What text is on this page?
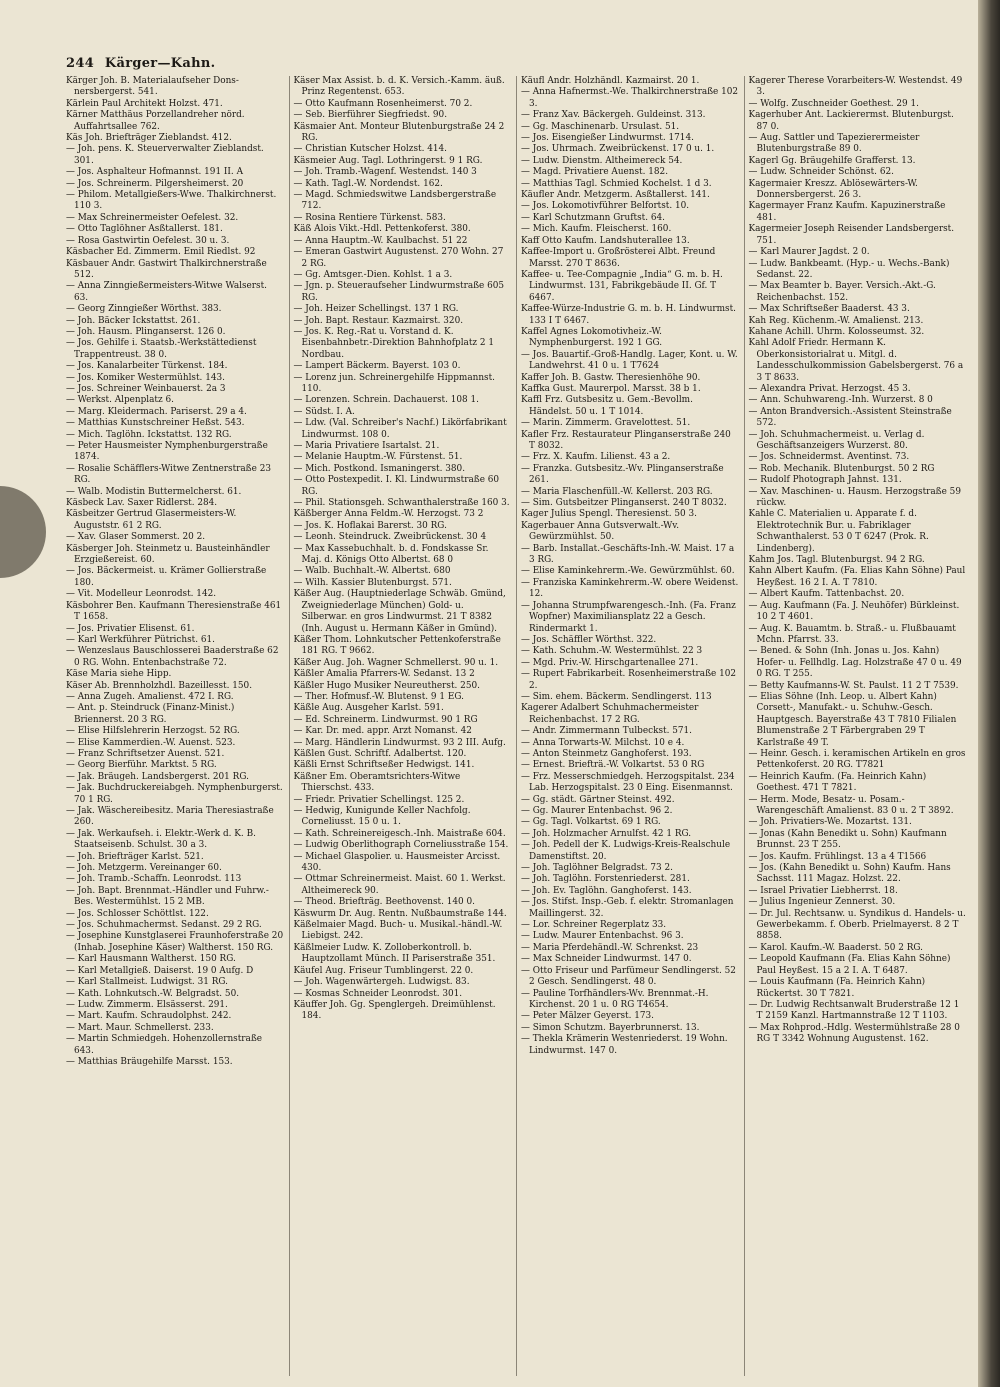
244 Kärger—Kahn.

Kärger Joh. B. Materialaufseher Dons-nersbergerst. 541.

Kärlein Paul Architekt Holzst. 471.

Kärner Matthäus Porzellandreher nörd. Auffahrtsallee 762.

Käs Joh. Briefträger Zieblandst. 412.

— Joh. pens. K. Steuerverwalter Zieblandst. 301.

— Jos. Asphalteur Hofmannst. 191 II. A

— Jos. Schreinerm. Pilgersheimerst. 20

— Philom. Metallgießers-Wwe. Thalkirchnerst. 110 3.

— Max Schreinermeister Oefelest. 32.

— Otto Taglöhner Asßtallerst. 181.

— Rosa Gastwirtin Oefelest. 30 u. 3.

Käsbacher Ed. Zimmerm. Emil Riedlst. 92

Käsbauer Andr. Gastwirt Thalkirchnerstraße 512.

— Anna Zinngießermeisters-Witwe Walserst. 63.

— Georg Zinngießer Wörthst. 383.

— Joh. Bäcker Ickstattst. 261.

— Joh. Hausm. Plinganserst. 126 0.

— Jos. Gehilfe i. Staatsb.-Werkstättedienst Trappentreust. 38 0.

— Jos. Kanalarbeiter Türkenst. 184.

— Jos. Komiker Westermühlst. 143.

— Jos. Schreiner Weinbauerst. 2a 3

— Werkst. Alpenplatz 6.

— Marg. Kleidermach. Pariserst. 29 a 4.

— Matthias Kunstschreiner Heßst. 543.

— Mich. Taglöhn. Ickstattst. 132 RG.

— Peter Hausmeister Nymphenburgerstraße 1874.

— Rosalie Schäfflers-Witwe Zentnerstraße 23 RG.

— Walb. Modistin Buttermelcherst. 61.

Käsbeck Lav. Saxer Ridlerst. 284.

Käsbeitzer Gertrud Glasermeisters-W. Auguststr. 61 2 RG.

— Xav. Glaser Sommerst. 20 2.

Käsberger Joh. Steinmetz u. Bausteinhändler Erzgießereist. 60.

— Jos. Bäckermeist. u. Krämer Gollierstraße 180.

— Vit. Modelleur Leonrodst. 142.

Käsbohrer Ben. Kaufmann Theresienstraße 461 T 1658.

— Jos. Privatier Elisenst. 61.

— Karl Werkführer Pütrichst. 61.

— Wenzeslaus Bauschlosserei Baaderstraße 62 0 RG. Wohn. Entenbachstraße 72.

Käse Maria siehe Hipp.

Käser Ab. Brennholzhdl. Bazeillesst. 150.

— Anna Zugeh. Amalienst. 472 I. RG.

— Ant. p. Steindruck (Finanz-Minist.) Briennerst. 20 3 RG.

— Elise Hilfslehrerin Herzogst. 52 RG.

— Elise Kammerdien.-W. Auenst. 523.

— Franz Schriftsetzer Auenst. 521.

— Georg Bierführ. Marktst. 5 RG.

— Jak. Bräugeh. Landsbergerst. 201 RG.

— Jak. Buchdruckereiabgeh. Nymphenburgerst. 70 1 RG.

— Jak. Wäschereibesitz. Maria Theresiastraße 260.

— Jak. Werkaufseh. i. Elektr.-Werk d. K. B. Staatseisenb. Schulst. 30 a 3.

— Joh. Briefträger Karlst. 521.

— Joh. Metzgerm. Vereinanger 60.

— Joh. Tramb.-Schaffn. Leonrodst. 113

— Joh. Bapt. Brennmat.-Händler und Fuhrw.-Bes. Westermühlst. 15 2 MB.

— Jos. Schlosser Schöttlst. 122.

— Jos. Schuhmachermst. Sedanst. 29 2 RG.

— Josephine Kunstglaserei Fraunhoferstraße 20 (Inhab. Josephine Käser) Waltherst. 150 RG.

— Karl Hausmann Waltherst. 150 RG.

— Karl Metallgieß. Daiserst. 19 0 Aufg. D

— Karl Stallmeist. Ludwigst. 31 RG.

— Kath. Lohnkutsch.-W. Belgradst. 50.

— Ludw. Zimmerm. Elsässerst. 291.

— Mart. Kaufm. Schraudolphst. 242.

— Mart. Maur. Schmellerst. 233.

— Martin Schmiedgeh. Hohenzollernstraße 643.

— Matthias Bräugehilfe Marsst. 153.

Käser Max Assist. b. d. K. Versich.-Kamm. äuß. Prinz Regentenst. 653.

— Otto Kaufmann Rosenheimerst. 70 2.

— Seb. Bierführer Siegfriedst. 90.

Käsmaier Ant. Monteur Blutenburgstraße 24 2 RG.

— Christian Kutscher Holzst. 414.

Käsmeier Aug. Tagl. Lothringerst. 9 1 RG.

— Joh. Tramb.-Wagenf. Westendst. 140 3

— Kath. Tagl.-W. Nordendst. 162.

— Magd. Schmiedswitwe Landsbergerstraße 712.

— Rosina Rentiere Türkenst. 583.

Käß Alois Vikt.-Hdl. Pettenkoferst. 380.

— Anna Hauptm.-W. Kaulbachst. 51 22

— Emeran Gastwirt Augustenst. 270 Wohn. 27 2 RG.

— Gg. Amtsger.-Dien. Kohlst. 1 a 3.

— Jgn. p. Steueraufseher Lindwurmstraße 605 RG.

— Joh. Heizer Schellingst. 137 1 RG.

— Joh. Bapt. Restaur. Kazmairst. 320.

— Jos. K. Reg.-Rat u. Vorstand d. K. Eisenbahnbetr.-Direktion Bahnhofplatz 2 1 Nordbau.

— Lampert Bäckerm. Bayerst. 103 0.

— Lorenz jun. Schreinergehilfe Hippmannst. 110.

— Lorenzen. Schrein. Dachauerst. 108 1.

— Südst. I. A.

— Ldw. (Val. Schreiber's Nachf.) Likörfabrikant Lindwurmst. 108 0.

— Maria Privatiere Isartalst. 21.

— Melanie Hauptm.-W. Fürstenst. 51.

— Mich. Postkond. Ismaningerst. 380.

— Otto Postexpedit. I. Kl. Lindwurmstraße 60 RG.

— Phil. Stationsgeh. Schwanthalerstraße 160 3.

Käßberger Anna Feldm.-W. Herzogst. 73 2

— Jos. K. Hoflakai Barerst. 30 RG.

— Leonh. Steindruck. Zweibrückenst. 30 4

— Max Kassebuchhalt. b. d. Fondskasse Sr. Maj. d. Königs Otto Albertst. 68 0

— Walb. Buchhalt.-W. Albertst. 680

— Wilh. Kassier Blutenburgst. 571.

Käßer Aug. (Hauptniederlage Schwäb. Gmünd, Zweigniederlage München) Gold- u. Silberwar. en gros Lindwurmst. 21 T 8382 (Inh. August u. Hermann Käßer in Gmünd).

Käßer Thom. Lohnkutscher Pettenkoferstraße 181 RG. T 9662.

Käßer Aug. Joh. Wagner Schmellerst. 90 u. 1.

Käßler Amalia Pfarrers-W. Sedanst. 13 2

Käßler Hugo Musiker Neureutherst. 250.

— Ther. Hofmusf.-W. Blutenst. 9 1 EG.

Käßle Aug. Ausgeher Karlst. 591.

— Ed. Schreinerm. Lindwurmst. 90 1 RG

— Kar. Dr. med. appr. Arzt Nomanst. 42

— Marg. Händlerin Lindwurmst. 93 2 III. Aufg.

Käßlen Gust. Schriftf. Adalbertst. 120.

Käßli Ernst Schriftseßer Hedwigst. 141.

Käßner Em. Oberamtsrichters-Witwe Thierschst. 433.

— Friedr. Privatier Schellingst. 125 2.

— Hedwig, Kunigunde Keller Nachfolg. Corneliusst. 15 0 u. 1.

— Kath. Schreinereigesch.-Inh. Maistraße 604.

— Ludwig Oberlithograph Corneliusstraße 154.

— Michael Glaspolier. u. Hausmeister Arcisst. 430.

— Ottmar Schreinermeist. Maist. 60 1. Werkst. Altheimereck 90.

— Theod. Briefträg. Beethovenst. 140 0.

Käswurm Dr. Aug. Rentn. Nußbaumstraße 144.

Käßelmaier Magd. Buch- u. Musikal.-händl.-W. Liebigst. 242.

Käßlmeier Ludw. K. Zolloberkontroll. b. Hauptzollamt Münch. II Pariserstraße 351.

Käufel Aug. Friseur Tumblingerst. 22 0.

— Joh. Wagenwärtergeh. Ludwigst. 83.

— Kosmas Schneider Leonrodst. 301.

Käuffer Joh. Gg. Spenglergeh. Dreimühlenst. 184.

Käufl Andr. Holzhändl. Kazmairst. 20 1.

— Anna Hafnermst.-We. Thalkirchnerstraße 102 3.

— Franz Xav. Bäckergeh. Guldeinst. 313.

— Gg. Maschinenarb. Ursulast. 51.

— Jos. Eisengießer Lindwurmst. 1714.

— Jos. Uhrmach. Zweibrückenst. 17 0 u. 1.

— Ludw. Dienstm. Altheimereck 54.

— Magd. Privatiere Auenst. 182.

— Matthias Tagl. Schmied Kochelst. 1 d 3.

Käufler Andr. Metzgerm. Asßtallerst. 141.

— Jos. Lokomotivführer Belfortst. 10.

— Karl Schutzmann Gruftst. 64.

— Mich. Kaufm. Fleischerst. 160.

Kaff Otto Kaufm. Landshuterallee 13.

Kaffee-Import u. Großrösterei Albt. Freund Marsst. 270 T 8636.

Kaffee- u. Tee-Compagnie „India“ G. m. b. H. Lindwurmst. 131, Fabrikgebäude II. Gf. T 6467.

Kaffee-Würze-Industrie G. m. b. H. Lindwurmst. 133 I T 6467.

Kaffel Agnes Lokomotivheiz.-W. Nymphenburgerst. 192 1 GG.

— Jos. Bauartif.-Groß-Handlg. Lager, Kont. u. W. Landwehrst. 41 0 u. 1 T7624

Kaffer Joh. B. Gastw. Theresienhöhe 90.

Kaffka Gust. Maurerpol. Marsst. 38 b 1.

Kaffl Frz. Gutsbesitz u. Gem.-Bevollm. Händelst. 50 u. 1 T 1014.

— Marin. Zimmerm. Gravelottest. 51.

Kafler Frz. Restaurateur Plinganserstraße 240 T 8032.

— Frz. X. Kaufm. Lilienst. 43 a 2.

— Franzka. Gutsbesitz.-Wv. Plinganserstraße 261.

— Maria Flaschenfüll.-W. Kellerst. 203 RG.

— Sim. Gutsbeitzer Plinganserst. 240 T 8032.

Kager Julius Spengl. Theresienst. 50 3.

Kagerbauer Anna Gutsverwalt.-Wv. Gewürzmühlst. 50.

— Barb. Installat.-Geschäfts-Inh.-W. Maist. 17 a 3 RG.

— Elise Kaminkehrerm.-We. Gewürzmühlst. 60.

— Franziska Kaminkehrerm.-W. obere Weidenst. 12.

— Johanna Strumpfwarengesch.-Inh. (Fa. Franz Wopfner) Maximiliansplatz 22 a Gesch. Rindermarkt 1.

— Jos. Schäffler Wörthst. 322.

— Kath. Schuhm.-W. Westermühlst. 22 3

— Mgd. Priv.-W. Hirschgartenallee 271.

— Rupert Fabrikarbeit. Rosenheimerstraße 102 2.

— Sim. ehem. Bäckerm. Sendlingerst. 113

Kagerer Adalbert Schuhmachermeister Reichenbachst. 17 2 RG.

— Andr. Zimmermann Tulbeckst. 571.

— Anna Torwarts-W. Milchst. 10 e 4.

— Anton Steinmetz Ganghoferst. 193.

— Ernest. Briefträ.-W. Volkartst. 53 0 RG

— Frz. Messerschmiedgeh. Herzogspitalst. 234 Lab. Herzogspitalst. 23 0 Eing. Eisenmannst.

— Gg. städt. Gärtner Steinst. 492.

— Gg. Maurer Entenbachst. 96 2.

— Gg. Tagl. Volkartst. 69 1 RG.

— Joh. Holzmacher Arnulfst. 42 1 RG.

— Joh. Pedell der K. Ludwigs-Kreis-Realschule Damenstiftst. 20.

— Joh. Taglöhner Belgradst. 73 2.

— Joh. Taglöhn. Forstenriederst. 281.

— Joh. Ev. Taglöhn. Ganghoferst. 143.

— Jos. Stifst. Insp.-Geb. f. elektr. Stromanlagen Maillingerst. 32.

— Lor. Schreiner Regerplatz 33.

— Ludw. Maurer Entenbachst. 96 3.

— Maria Pferdehändl.-W. Schrenkst. 23

— Max Schneider Lindwurmst. 147 0.

— Otto Friseur und Parfümeur Sendlingerst. 52 2 Gesch. Sendlingerst. 48 0.

— Pauline Torfhändlers-Wv. Brennmat.-H. Kirchenst. 20 1 u. 0 RG T4654.

— Peter Mälzer Geyerst. 173.

— Simon Schutzm. Bayerbrunnerst. 13.

— Thekla Krämerin Westenriederst. 19 Wohn. Lindwurmst. 147 0.

Kagerer Therese Vorarbeiters-W. Westendst. 49 3.

— Wolfg. Zuschneider Goethest. 29 1.

Kagerhuber Ant. Lackierermst. Blutenburgst. 87 0.

— Aug. Sattler und Tapezierermeister Blutenburgstraße 89 0.

Kagerl Gg. Bräugehilfe Grafferst. 13.

— Ludw. Schneider Schönst. 62.

Kagermaier Kreszz. Ablösewärters-W. Donnersbergerst. 26 3.

Kagermayer Franz Kaufm. Kapuzinerstraße 481.

Kagermeier Joseph Reisender Landsbergerst. 751.

— Karl Maurer Jagdst. 2 0.

— Ludw. Bankbeamt. (Hyp.- u. Wechs.-Bank) Sedanst. 22.

— Max Beamter b. Bayer. Versich.-Akt.-G. Reichenbachst. 152.

— Max Schriftseßer Baaderst. 43 3.

Kah Reg. Küchenm.-W. Amalienst. 213.

Kahane Achill. Uhrm. Kolosseumst. 32.

Kahl Adolf Friedr. Hermann K. Oberkonsistorialrat u. Mitgl. d. Landesschulkommission Gabelsbergerst. 76 a 3 T 8633.

— Alexandra Privat. Herzogst. 45 3.

— Ann. Schuhwareng.-Inh. Wurzerst. 8 0

— Anton Brandversich.-Assistent Steinstraße 572.

— Joh. Schuhmachermeist. u. Verlag d. Geschäftsanzeigers Wurzerst. 80.

— Jos. Schneidermst. Aventinst. 73.

— Rob. Mechanik. Blutenburgst. 50 2 RG

— Rudolf Photograph Jahnst. 131.

— Xav. Maschinen- u. Hausm. Herzogstraße 59 rückw.

Kahle C. Materialien u. Apparate f. d. Elektrotechnik Bur. u. Fabriklager Schwanthalerst. 53 0 T 6247 (Prok. R. Lindenberg).

Kahm Jos. Tagl. Blutenburgst. 94 2 RG.

Kahn Albert Kaufm. (Fa. Elias Kahn Söhne) Paul Heyßest. 16 2 I. A. T 7810.

— Albert Kaufm. Tattenbachst. 20.

— Aug. Kaufmann (Fa. J. Neuhöfer) Bürkleinst. 10 2 T 4601.

— Aug. K. Bauamtm. b. Straß.- u. Flußbauamt Mchn. Pfarrst. 33.

— Bened. & Sohn (Inh. Jonas u. Jos. Kahn) Hofer- u. Fellhdlg. Lag. Holzstraße 47 0 u. 49 0 RG. T 255.

— Betty Kaufmanns-W. St. Paulst. 11 2 T 7539.

— Elias Söhne (Inh. Leop. u. Albert Kahn) Corsett-, Manufakt.- u. Schuhw.-Gesch. Hauptgesch. Bayerstraße 43 T 7810 Filialen Blumenstraße 2 T Färbergraben 29 T Karlstraße 49 T.

— Heinr. Gesch. i. keramischen Artikeln en gros Pettenkoferst. 20 RG. T7821

— Heinrich Kaufm. (Fa. Heinrich Kahn) Goethest. 471 T 7821.

— Herm. Mode, Besatz- u. Posam.-Warengeschäft Amalienst. 83 0 u. 2 T 3892.

— Joh. Privatiers-We. Mozartst. 131.

— Jonas (Kahn Benedikt u. Sohn) Kaufmann Brunnst. 23 T 255.

— Jos. Kaufm. Frühlingst. 13 a 4 T1566

— Jos. (Kahn Benedikt u. Sohn) Kaufm. Hans Sachsst. 111 Magaz. Holzst. 22.

— Israel Privatier Liebherrst. 18.

— Julius Ingenieur Zennerst. 30.

— Dr. Jul. Rechtsanw. u. Syndikus d. Handels- u. Gewerbekamm. f. Oberb. Prielmayerst. 8 2 T 8858.

— Karol. Kaufm.-W. Baaderst. 50 2 RG.

— Leopold Kaufmann (Fa. Elias Kahn Söhne) Paul Heyßest. 15 a 2 I. A. T 6487.

— Louis Kaufmann (Fa. Heinrich Kahn) Rückertst. 30 T 7821.

— Dr. Ludwig Rechtsanwalt Bruderstraße 12 1 T 2159 Kanzl. Hartmannstraße 12 T 1103.

— Max Rohprod.-Hdlg. Westermühlstraße 28 0 RG T 3342 Wohnung Augustenst. 162.
